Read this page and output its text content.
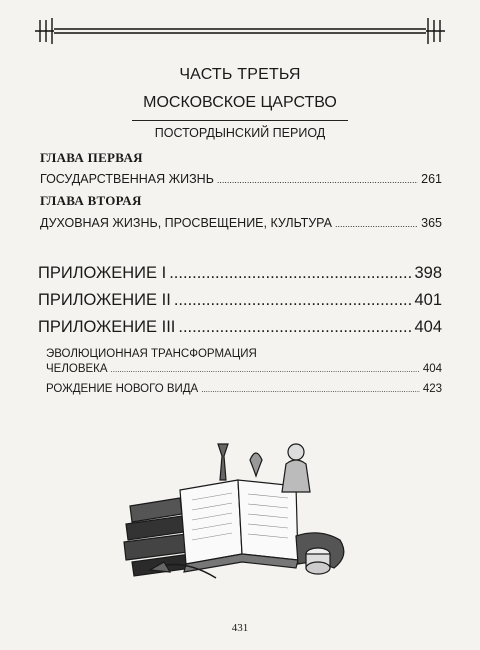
ЧАСТЬ ТРЕТЬЯ
МОСКОВСКОЕ ЦАРСТВО
ПОСТОРДЫНСКИЙ ПЕРИОД
ГЛАВА ПЕРВАЯ
ГОСУДАРСТВЕННАЯ ЖИЗНЬ .....	261
ГЛАВА ВТОРАЯ
ДУХОВНАЯ ЖИЗНЬ, ПРОСВЕЩЕНИЕ, КУЛЬТУРА .....	365
ПРИЛОЖЕНИЕ I .....	398
ПРИЛОЖЕНИЕ II .....	401
ПРИЛОЖЕНИЕ III .....	404
ЭВОЛЮЦИОННАЯ ТРАНСФОРМАЦИЯ
ЧЕЛОВЕКА .....	404
РОЖДЕНИЕ НОВОГО ВИДА .....	423
431
